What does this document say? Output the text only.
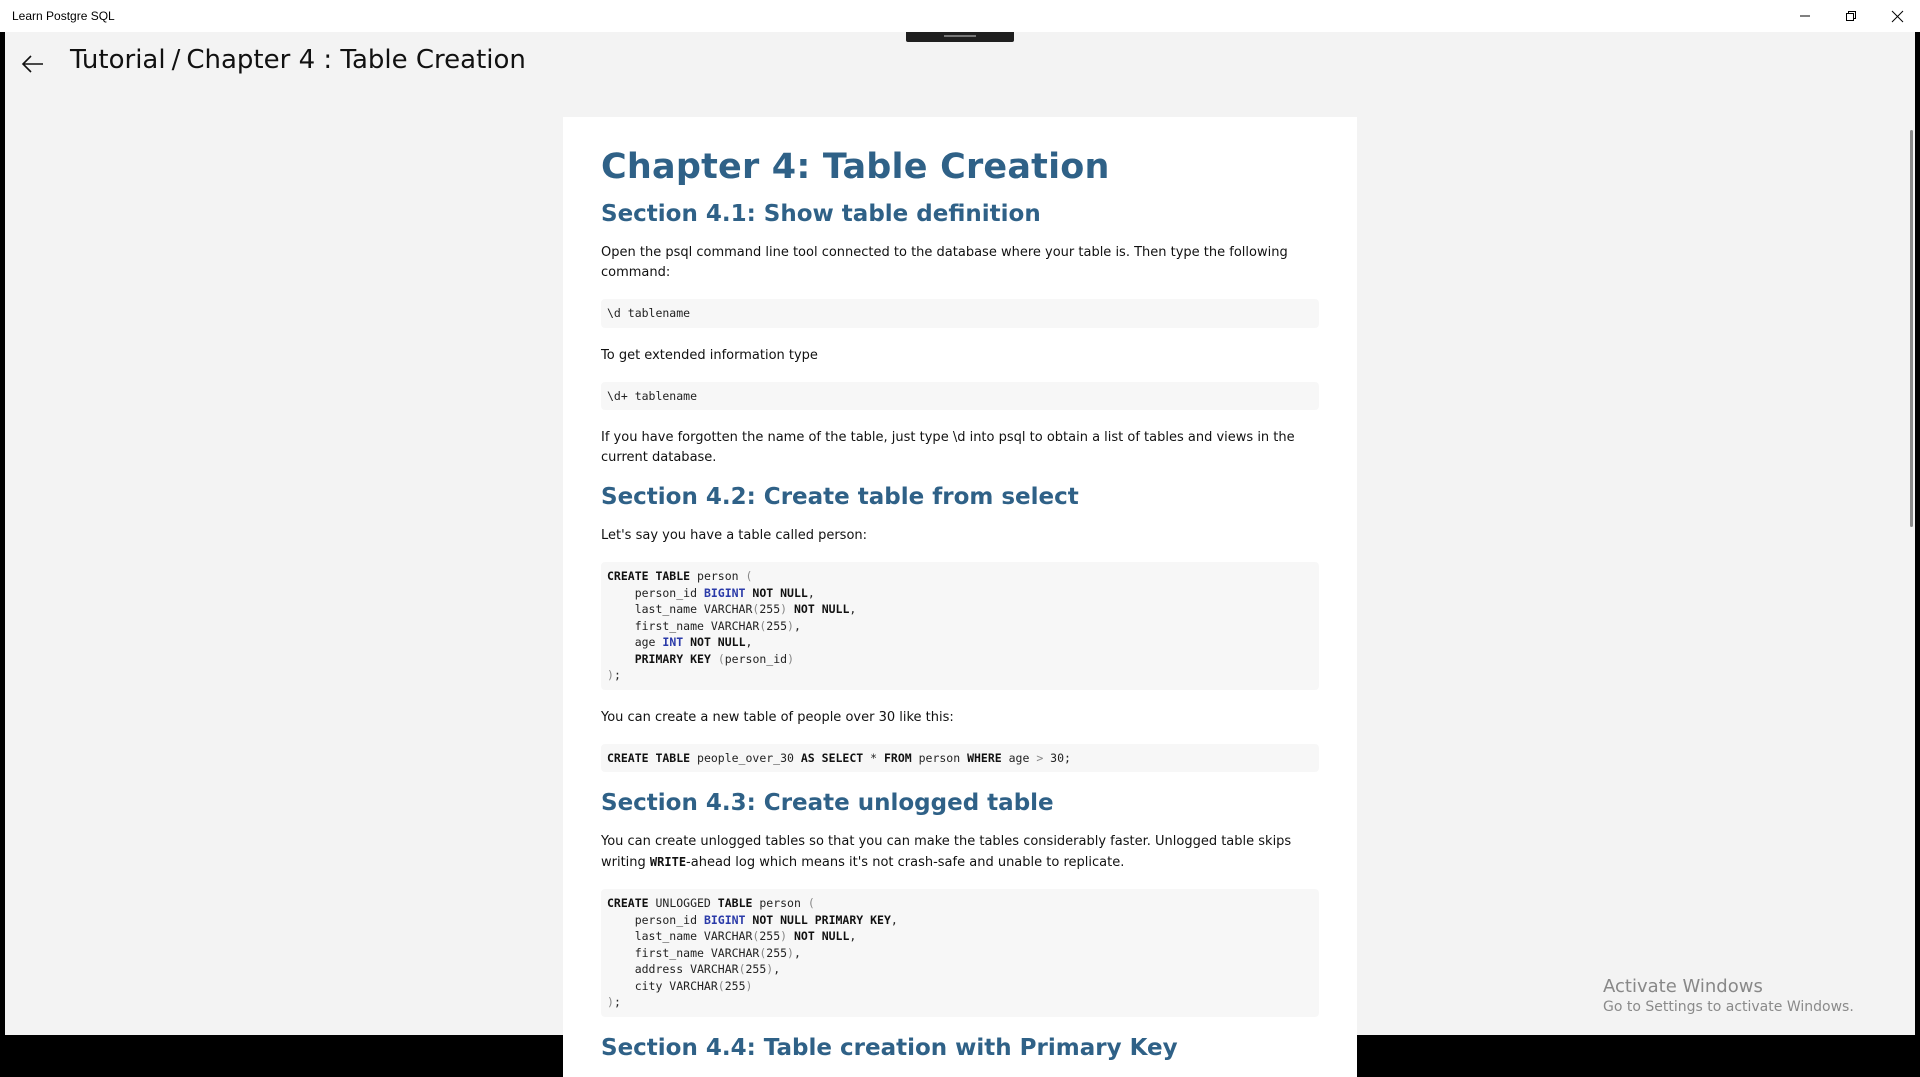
Learn Postgre SQL
Tutorial / Chapter 4 : Table Creation
Chapter 4: Table Creation
Section 4.1: Show table definition

Open the psql command line tool connected to the database where your table is. Then type the following command:

\d tablename

To get extended information type

\d+ tablename

If you have forgotten the name of the table, just type \d into psql to obtain a list of tables and views in the current database.

Section 4.2: Create table from select

Let's say you have a table called person:

CREATE TABLE person (
person_id BIGINT NOT NULL,
last_name VARCHAR(255) NOT NULL,
first_name VARCHAR(255),
age INT NOT NULL,
PRIMARY KEY (person_id)
);

You can create a new table of people over 30 like this:

CREATE TABLE people_over_30 AS SELECT * FROM person WHERE age > 30;
Section 4.3: Create unlogged table

You can create unlogged tables so that you can make the tables considerably faster. Unlogged table skips writing WRITE-ahead log which means it's not crash-safe and unable to replicate.

CREATE UNLOGGED TABLE person (
person_id BIGINT NOT NULL PRIMARY KEY,
last_name VARCHAR(255) NOT NULL,
first_name VARCHAR(255),
address VARCHAR(255),
city VARCHAR(255)
);
Section 4.4: Table creation with Primary Key
Activate Windows
Go to Settings to activate Windows.
